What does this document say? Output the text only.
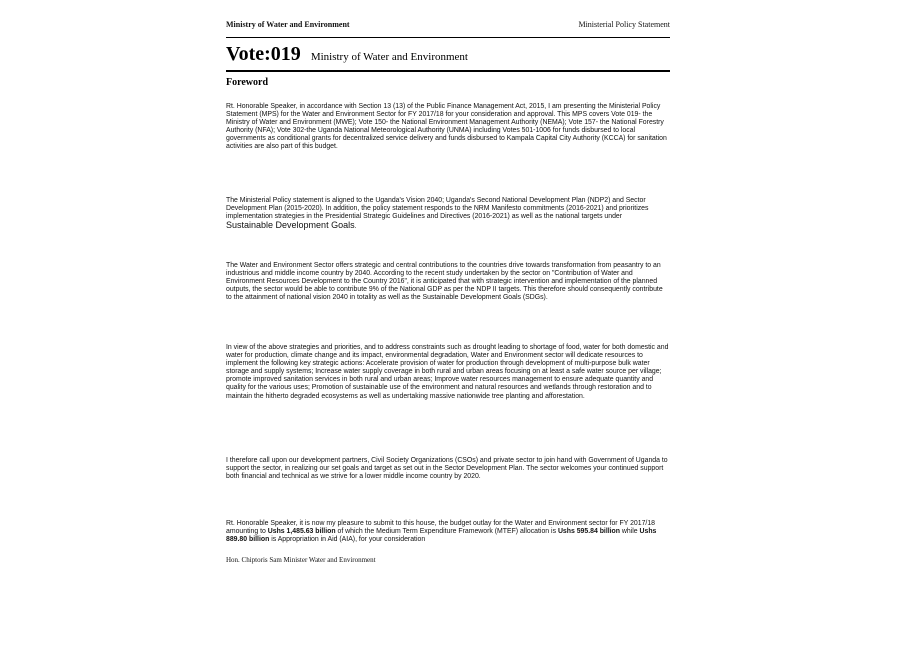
Ministry of Water and Environment	Ministerial Policy Statement
Vote:019 Ministry of Water and Environment
Foreword

Rt. Honorable Speaker, in accordance with Section 13 (13) of the Public Finance Management Act, 2015, I am presenting the Ministerial Policy Statement (MPS) for the Water and Environment Sector for FY 2017/18 for your consideration and approval. This MPS covers Vote 019- the Ministry of Water and Environment (MWE); Vote 150- the National Environment Management Authority (NEMA); Vote 157- the National Forestry Authority (NFA); Vote 302-the Uganda National Meteorological Authority (UNMA) including Votes 501-1006 for funds disbursed to local governments as conditional grants for decentralized service delivery and funds disbursed to Kampala Capital City Authority (KCCA) for sanitation activities are also part of this budget.

The Ministerial Policy statement is aligned to the Uganda's Vision 2040; Uganda's Second National Development Plan (NDP2) and Sector Development Plan (2015-2020). In addition, the policy statement responds to the NRM Manifesto commitments (2016-2021) and prioritizes implementation strategies in the Presidential Strategic Guidelines and Directives (2016-2021) as well as the national targets under Sustainable Development Goals.

The Water and Environment Sector offers strategic and central contributions to the countries drive towards transformation from peasantry to an industrious and middle income country by 2040. According to the recent study undertaken by the sector on "Contribution of Water and Environment Resources Development to the Country 2016", it is anticipated that with strategic intervention and implementation of the planned outputs, the sector would be able to contribute 9% of the National GDP as per the NDP II targets. This therefore should consequently contribute to the attainment of national vision 2040 in totality as well as the Sustainable Development Goals (SDGs).

In view of the above strategies and priorities, and to address constraints such as drought leading to shortage of food, water for both domestic and water for production, climate change and its impact, environmental degradation, Water and Environment sector will dedicate resources to implement the following key strategic actions: Accelerate provision of water for production through development of multi-purpose bulk water storage and supply systems; Increase water supply coverage in both rural and urban areas focusing on at least a safe water source per village; promote improved sanitation services in both rural and urban areas; Improve water resources management to ensure adequate quantity and quality for the various uses; Promotion of sustainable use of the environment and natural resources and wetlands through restoration and to maintain the hitherto degraded ecosystems as well as undertaking massive nationwide tree planting and afforestation.

I therefore call upon our development partners, Civil Society Organizations (CSOs) and private sector to join hand with Government of Uganda to support the sector, in realizing our set goals and target as set out in the Sector Development Plan. The sector welcomes your continued support both financial and technical as we strive for a lower middle income country by 2020.

Rt. Honorable Speaker, it is now my pleasure to submit to this house, the budget outlay for the Water and Environment sector for FY 2017/18 amounting to Ushs 1,485.63 billion of which the Medium Term Expenditure Framework (MTEF) allocation is Ushs 595.84 billion while Ushs 889.80 billion is Appropriation in Aid (AIA), for your consideration

Hon. Chiptoris Sam Minister Water and Environment
